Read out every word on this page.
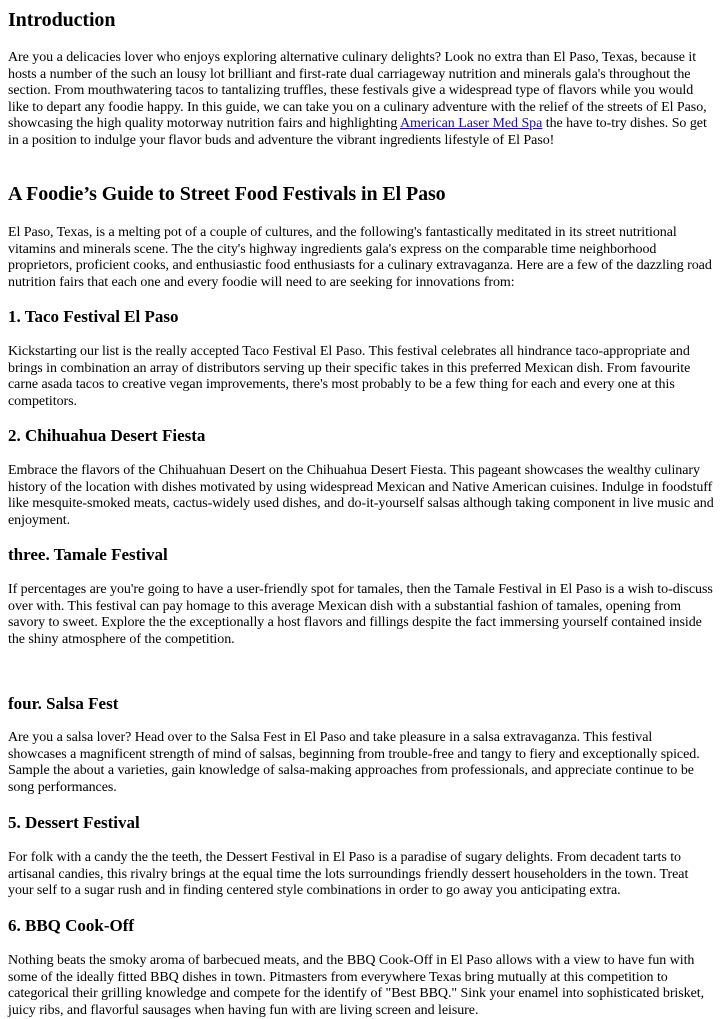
Introduction

Are you a delicacies lover who enjoys exploring alternative culinary delights? Look no extra than El Paso, Texas, because it hosts a number of the such an lousy lot brilliant and first-rate dual carriageway nutrition and minerals gala's throughout the section. From mouthwatering tacos to tantalizing truffles, these festivals give a widespread type of flavors while you would like to depart any foodie happy. In this guide, we can take you on a culinary adventure with the relief of the streets of El Paso, showcasing the high quality motorway nutrition fairs and highlighting American Laser Med Spa the have to-try dishes. So get in a position to indulge your flavor buds and adventure the vibrant ingredients lifestyle of El Paso!

A Foodie’s Guide to Street Food Festivals in El Paso

El Paso, Texas, is a melting pot of a couple of cultures, and the following's fantastically meditated in its street nutritional vitamins and minerals scene. The the city's highway ingredients gala's express on the comparable time neighborhood proprietors, proficient cooks, and enthusiastic food enthusiasts for a culinary extravaganza. Here are a few of the dazzling road nutrition fairs that each one and every foodie will need to are seeking for innovations from:

1. Taco Festival El Paso

Kickstarting our list is the really accepted Taco Festival El Paso. This festival celebrates all hindrance taco-appropriate and brings in combination an array of distributors serving up their specific takes in this preferred Mexican dish. From favourite carne asada tacos to creative vegan improvements, there's most probably to be a few thing for each and every one at this competitors.

2. Chihuahua Desert Fiesta

Embrace the flavors of the Chihuahuan Desert on the Chihuahua Desert Fiesta. This pageant showcases the wealthy culinary history of the location with dishes motivated by using widespread Mexican and Native American cuisines. Indulge in foodstuff like mesquite-smoked meats, cactus-widely used dishes, and do-it-yourself salsas although taking component in live music and enjoyment.

three. Tamale Festival

If percentages are you're going to have a user-friendly spot for tamales, then the Tamale Festival in El Paso is a wish to-discuss over with. This festival can pay homage to this average Mexican dish with a substantial fashion of tamales, opening from savory to sweet. Explore the the exceptionally a host flavors and fillings despite the fact immersing yourself contained inside the shiny atmosphere of the competition.

four. Salsa Fest

Are you a salsa lover? Head over to the Salsa Fest in El Paso and take pleasure in a salsa extravaganza. This festival showcases a magnificent strength of mind of salsas, beginning from trouble-free and tangy to fiery and exceptionally spiced. Sample the about a varieties, gain knowledge of salsa-making approaches from professionals, and appreciate continue to be song performances.

5. Dessert Festival

For folk with a candy the the teeth, the Dessert Festival in El Paso is a paradise of sugary delights. From decadent tarts to artisanal candies, this rivalry brings at the equal time the lots surroundings friendly dessert householders in the town. Treat your self to a sugar rush and in finding centered style combinations in order to go away you anticipating extra.

6. BBQ Cook-Off

Nothing beats the smoky aroma of barbecued meats, and the BBQ Cook-Off in El Paso allows with a view to have fun with some of the ideally fitted BBQ dishes in town. Pitmasters from everywhere Texas bring mutually at this competition to categorical their grilling knowledge and compete for the identify of "Best BBQ." Sink your enamel into sophisticated brisket, juicy ribs, and flavorful sausages when having fun with are living screen and leisure.
